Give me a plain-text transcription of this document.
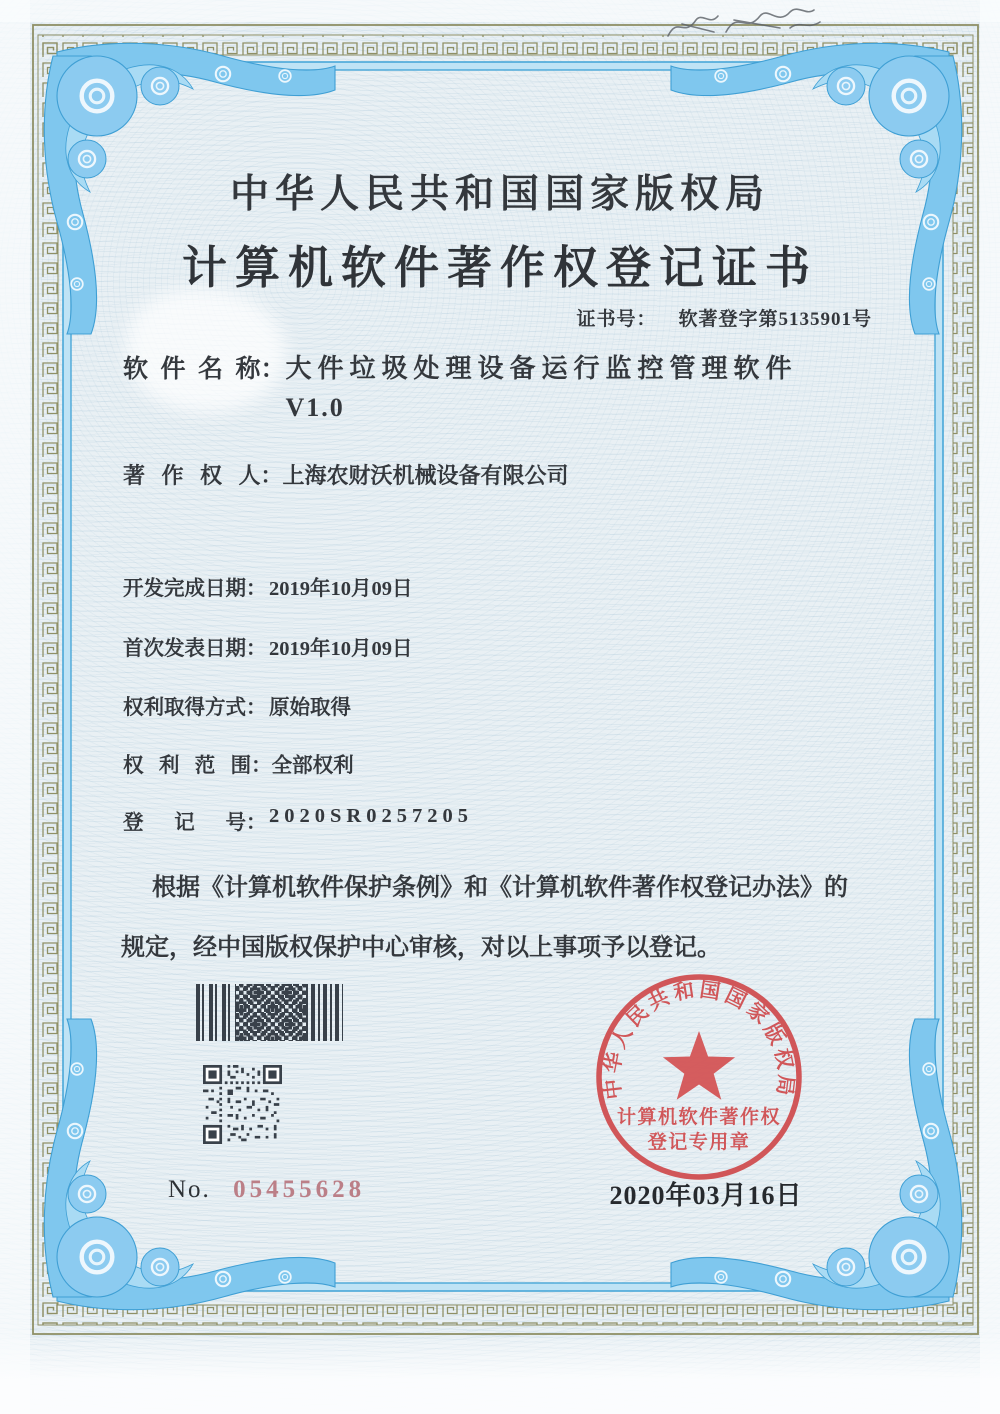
中华人民共和国国家版权局
计算机软件著作权登记证书
证书号： 软著登字第5135901号
软  件  名  称： 大件垃圾处理设备运行监控管理软件
V1.0
著   作   权   人： 上海农财沃机械设备有限公司
开发完成日期： 2019年10月09日
首次发表日期： 2019年10月09日
权利取得方式： 原始取得
权   利   范   围： 全部权利
登      记      号： 2020SR0257205
根据《计算机软件保护条例》和《计算机软件著作权登记办法》的
规定，经中国版权保护中心审核，对以上事项予以登记。
No. 05455628
中华人民共和国国家版权局
计算机软件著作权
登记专用章
2020年03月16日
